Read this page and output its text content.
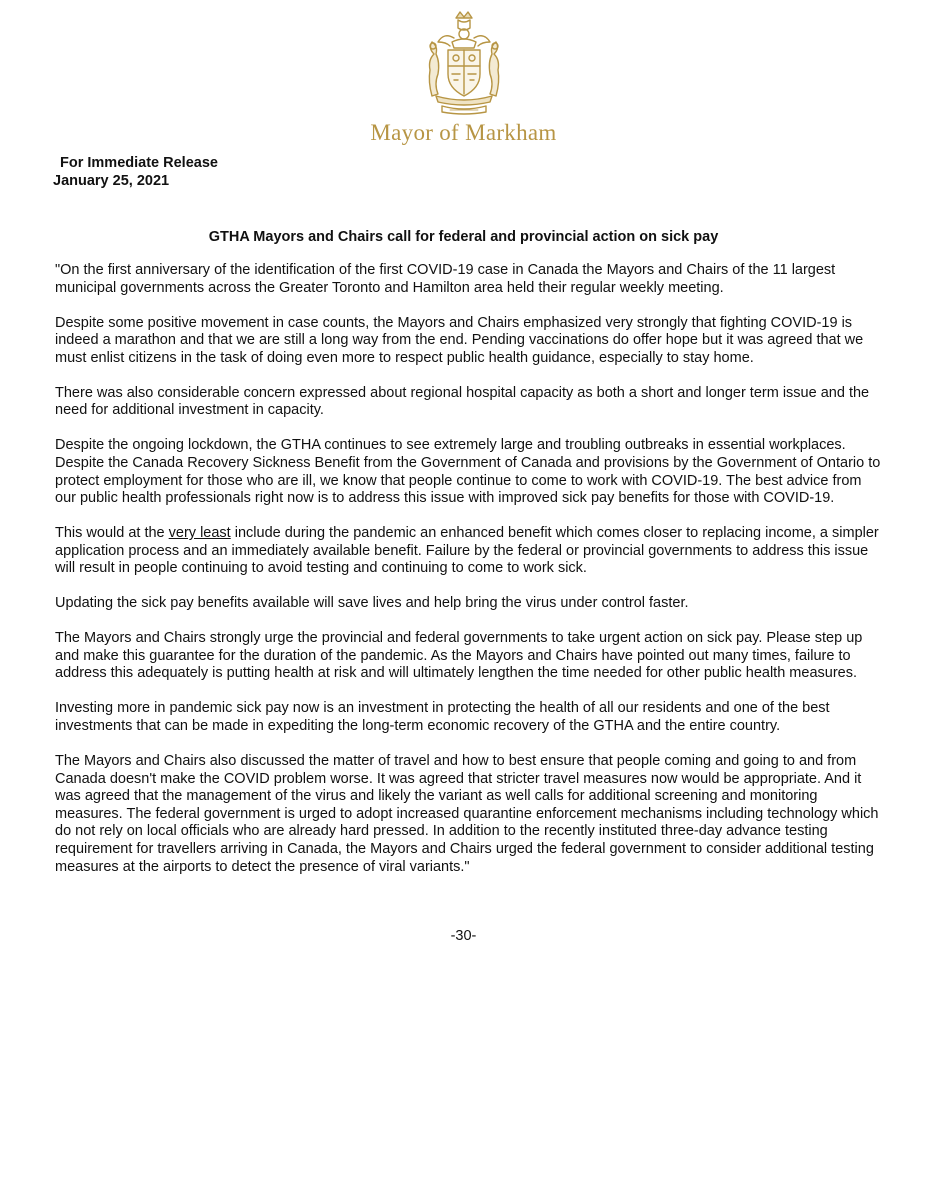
Mayor of Markham
For Immediate Release
January 25, 2021
GTHA Mayors and Chairs call for federal and provincial action on sick pay

"On the first anniversary of the identification of the first COVID-19 case in Canada the Mayors and Chairs of the 11 largest municipal governments across the Greater Toronto and Hamilton area held their regular weekly meeting.

Despite some positive movement in case counts, the Mayors and Chairs emphasized very strongly that fighting COVID-19 is indeed a marathon and that we are still a long way from the end. Pending vaccinations do offer hope but it was agreed that we must enlist citizens in the task of doing even more to respect public health guidance, especially to stay home.

There was also considerable concern expressed about regional hospital capacity as both a short and longer term issue and the need for additional investment in capacity.

Despite the ongoing lockdown, the GTHA continues to see extremely large and troubling outbreaks in essential workplaces. Despite the Canada Recovery Sickness Benefit from the Government of Canada and provisions by the Government of Ontario to protect employment for those who are ill, we know that people continue to come to work with COVID-19. The best advice from our public health professionals right now is to address this issue with improved sick pay benefits for those with COVID-19.

This would at the very least include during the pandemic an enhanced benefit which comes closer to replacing income, a simpler application process and an immediately available benefit. Failure by the federal or provincial governments to address this issue will result in people continuing to avoid testing and continuing to come to work sick.

Updating the sick pay benefits available will save lives and help bring the virus under control faster.

The Mayors and Chairs strongly urge the provincial and federal governments to take urgent action on sick pay. Please step up and make this guarantee for the duration of the pandemic. As the Mayors and Chairs have pointed out many times, failure to address this adequately is putting health at risk and will ultimately lengthen the time needed for other public health measures.

Investing more in pandemic sick pay now is an investment in protecting the health of all our residents and one of the best investments that can be made in expediting the long-term economic recovery of the GTHA and the entire country.

The Mayors and Chairs also discussed the matter of travel and how to best ensure that people coming and going to and from Canada doesn't make the COVID problem worse. It was agreed that stricter travel measures now would be appropriate. And it was agreed that the management of the virus and likely the variant as well calls for additional screening and monitoring measures. The federal government is urged to adopt increased quarantine enforcement mechanisms including technology which do not rely on local officials who are already hard pressed. In addition to the recently instituted three-day advance testing requirement for travellers arriving in Canada, the Mayors and Chairs urged the federal government to consider additional testing measures at the airports to detect the presence of viral variants."

-30-
